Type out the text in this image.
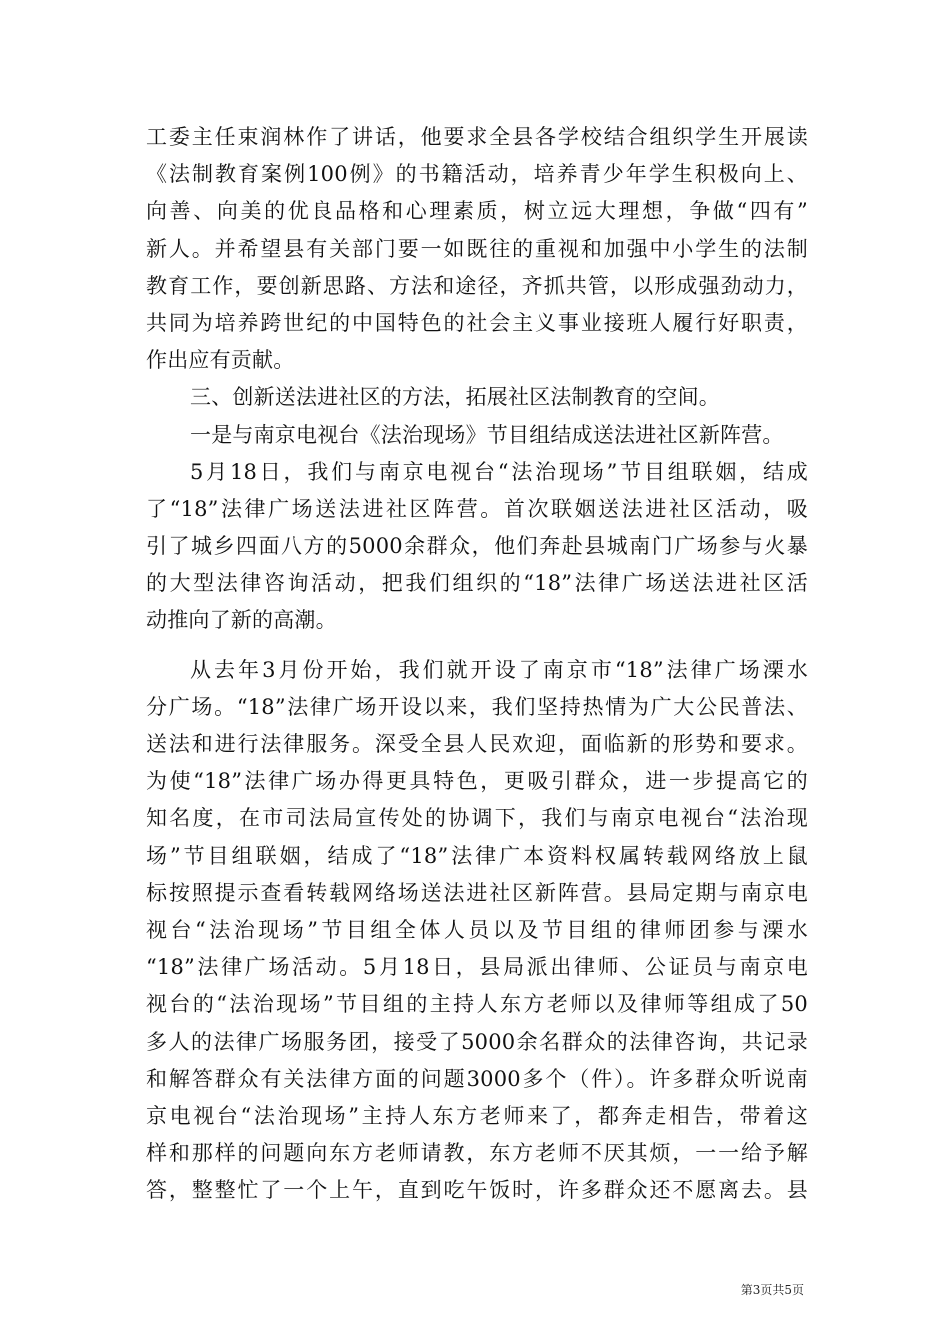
工委主任束润林作了讲话，他要求全县各学校结合组织学生开展读
《法制教育案例100例》的书籍活动，培养青少年学生积极向上、
向善、向美的优良品格和心理素质，树立远大理想，争做“四有”
新人。并希望县有关部门要一如既往的重视和加强中小学生的法制
教育工作，要创新思路、方法和途径，齐抓共管，以形成强劲动力，
共同为培养跨世纪的中国特色的社会主义事业接班人履行好职责，
作出应有贡献。
三、创新送法进社区的方法，拓展社区法制教育的空间。
一是与南京电视台《法治现场》节目组结成送法进社区新阵营。
5月18日，我们与南京电视台“法治现场”节目组联姻，结成
了“18”法律广场送法进社区阵营。首次联姻送法进社区活动，吸
引了城乡四面八方的5000余群众，他们奔赴县城南门广场参与火暴
的大型法律咨询活动，把我们组织的“18”法律广场送法进社区活
动推向了新的高潮。
从去年3月份开始，我们就开设了南京市“18”法律广场溧水
分广场。“18”法律广场开设以来，我们坚持热情为广大公民普法、
送法和进行法律服务。深受全县人民欢迎，面临新的形势和要求。
为使“18”法律广场办得更具特色，更吸引群众，进一步提高它的
知名度，在市司法局宣传处的协调下，我们与南京电视台“法治现
场”节目组联姻，结成了“18”法律广本资料权属转载网络放上鼠
标按照提示查看转载网络场送法进社区新阵营。县局定期与南京电
视台“法治现场”节目组全体人员以及节目组的律师团参与溧水
“18”法律广场活动。5月18日，县局派出律师、公证员与南京电
视台的“法治现场”节目组的主持人东方老师以及律师等组成了50
多人的法律广场服务团，接受了5000余名群众的法律咨询，共记录
和解答群众有关法律方面的问题3000多个（件）。许多群众听说南
京电视台“法治现场”主持人东方老师来了，都奔走相告，带着这
样和那样的问题向东方老师请教，东方老师不厌其烦，一一给予解
答，整整忙了一个上午，直到吃午饭时，许多群众还不愿离去。县
第3页共5页
